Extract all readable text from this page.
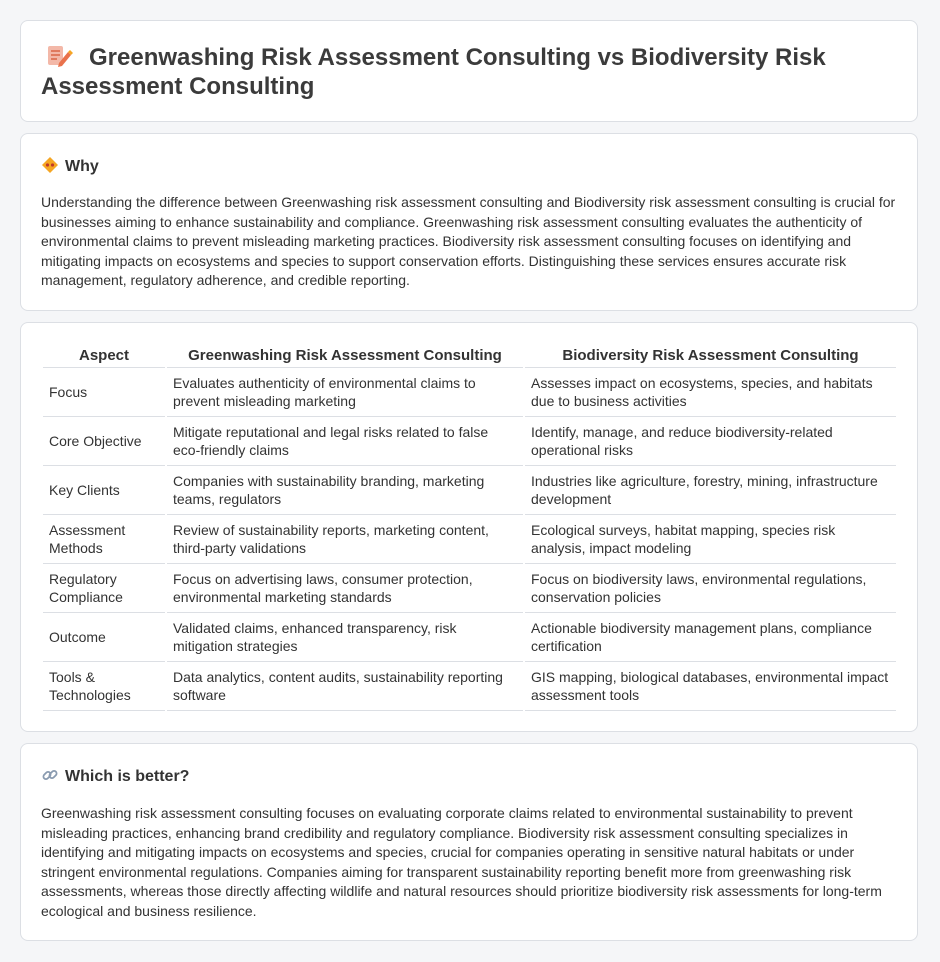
Greenwashing Risk Assessment Consulting vs Biodiversity Risk Assessment Consulting
Why
Understanding the difference between Greenwashing risk assessment consulting and Biodiversity risk assessment consulting is crucial for businesses aiming to enhance sustainability and compliance. Greenwashing risk assessment consulting evaluates the authenticity of environmental claims to prevent misleading marketing practices. Biodiversity risk assessment consulting focuses on identifying and mitigating impacts on ecosystems and species to support conservation efforts. Distinguishing these services ensures accurate risk management, regulatory adherence, and credible reporting.
Aspect	Greenwashing Risk Assessment Consulting	Biodiversity Risk Assessment Consulting
Focus	Evaluates authenticity of environmental claims to prevent misleading marketing	Assesses impact on ecosystems, species, and habitats due to business activities
Core Objective	Mitigate reputational and legal risks related to false eco-friendly claims	Identify, manage, and reduce biodiversity-related operational risks
Key Clients	Companies with sustainability branding, marketing teams, regulators	Industries like agriculture, forestry, mining, infrastructure development
Assessment Methods	Review of sustainability reports, marketing content, third-party validations	Ecological surveys, habitat mapping, species risk analysis, impact modeling
Regulatory Compliance	Focus on advertising laws, consumer protection, environmental marketing standards	Focus on biodiversity laws, environmental regulations, conservation policies
Outcome	Validated claims, enhanced transparency, risk mitigation strategies	Actionable biodiversity management plans, compliance certification
Tools & Technologies	Data analytics, content audits, sustainability reporting software	GIS mapping, biological databases, environmental impact assessment tools
Which is better?
Greenwashing risk assessment consulting focuses on evaluating corporate claims related to environmental sustainability to prevent misleading practices, enhancing brand credibility and regulatory compliance. Biodiversity risk assessment consulting specializes in identifying and mitigating impacts on ecosystems and species, crucial for companies operating in sensitive natural habitats or under stringent environmental regulations. Companies aiming for transparent sustainability reporting benefit more from greenwashing risk assessments, whereas those directly affecting wildlife and natural resources should prioritize biodiversity risk assessments for long-term ecological and business resilience.
